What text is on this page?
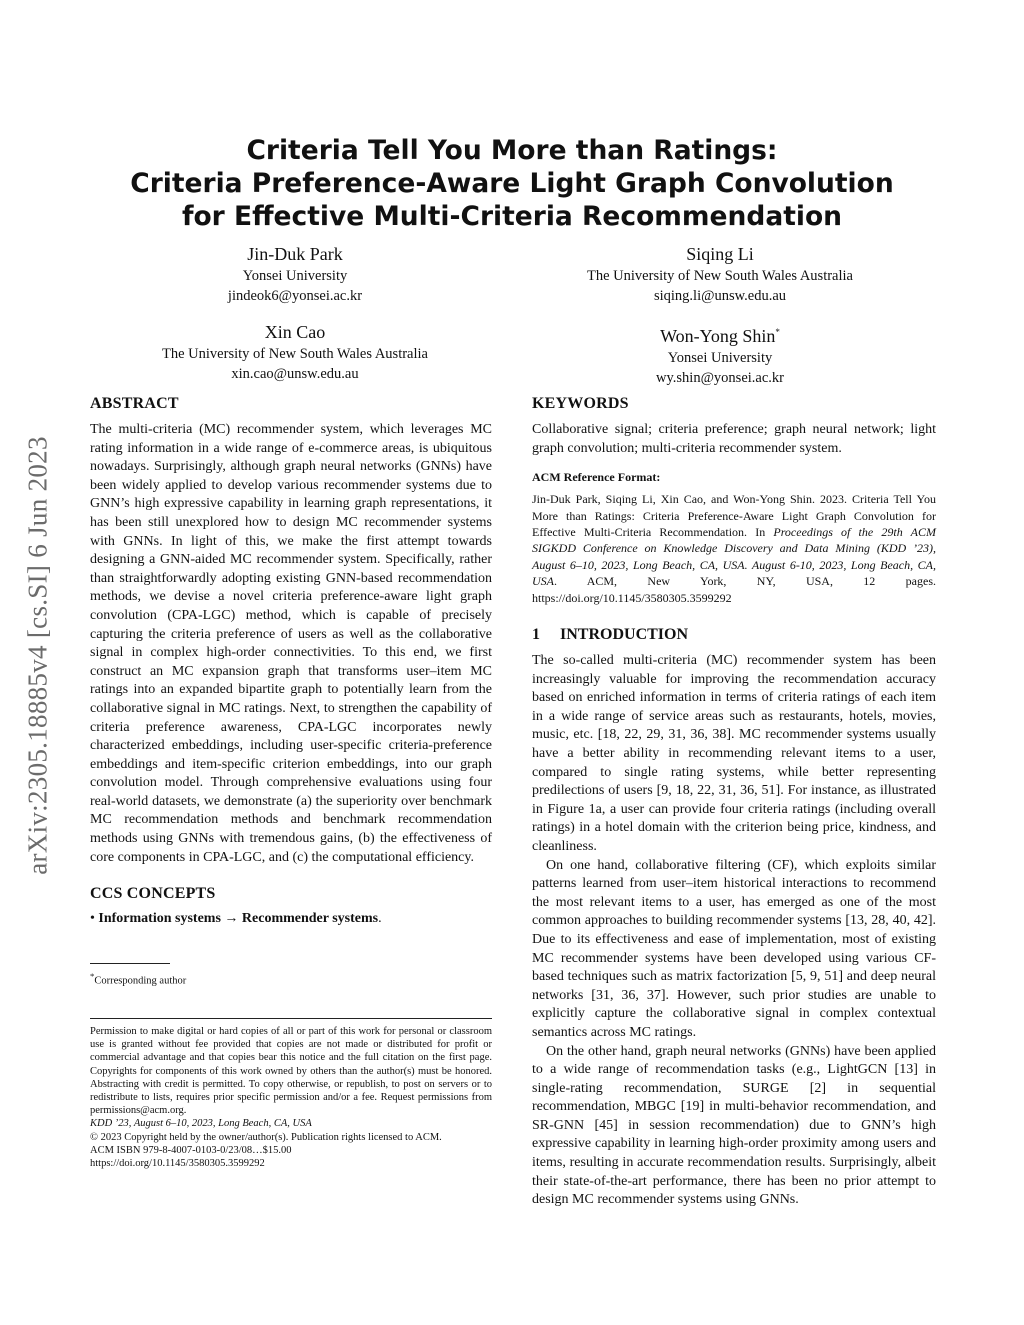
arXiv:2305.18885v4 [cs.SI] 6 Jun 2023
Criteria Tell You More than Ratings:
Criteria Preference-Aware Light Graph Convolution
for Effective Multi-Criteria Recommendation
Jin-Duk Park
Yonsei University
jindeok6@yonsei.ac.kr
Siqing Li
The University of New South Wales Australia
siqing.li@unsw.edu.au
Xin Cao
The University of New South Wales Australia
xin.cao@unsw.edu.au
Won-Yong Shin*
Yonsei University
wy.shin@yonsei.ac.kr
ABSTRACT

The multi-criteria (MC) recommender system, which leverages MC rating information in a wide range of e-commerce areas, is ubiquitous nowadays. Surprisingly, although graph neural networks (GNNs) have been widely applied to develop various recommender systems due to GNN’s high expressive capability in learning graph representations, it has been still unexplored how to design MC recommender systems with GNNs. In light of this, we make the first attempt towards designing a GNN-aided MC recommender system. Specifically, rather than straightforwardly adopting existing GNN-based recommendation methods, we devise a novel criteria preference-aware light graph convolution (CPA-LGC) method, which is capable of precisely capturing the criteria preference of users as well as the collaborative signal in complex high-order connectivities. To this end, we first construct an MC expansion graph that transforms user–item MC ratings into an expanded bipartite graph to potentially learn from the collaborative signal in MC ratings. Next, to strengthen the capability of criteria preference awareness, CPA-LGC incorporates newly characterized embeddings, including user-specific criteria-preference embeddings and item-specific criterion embeddings, into our graph convolution model. Through comprehensive evaluations using four real-world datasets, we demonstrate (a) the superiority over benchmark MC recommendation methods and benchmark recommendation methods using GNNs with tremendous gains, (b) the effectiveness of core components in CPA-LGC, and (c) the computational efficiency.

CCS CONCEPTS

• Information systems → Recommender systems.

*Corresponding author

Permission to make digital or hard copies of all or part of this work for personal or classroom use is granted without fee provided that copies are not made or distributed for profit or commercial advantage and that copies bear this notice and the full citation on the first page. Copyrights for components of this work owned by others than the author(s) must be honored. Abstracting with credit is permitted. To copy otherwise, or republish, to post on servers or to redistribute to lists, requires prior specific permission and/or a fee. Request permissions from permissions@acm.org.

KDD ’23, August 6–10, 2023, Long Beach, CA, USA

© 2023 Copyright held by the owner/author(s). Publication rights licensed to ACM.

ACM ISBN 979-8-4007-0103-0/23/08…$15.00

https://doi.org/10.1145/3580305.3599292

KEYWORDS

Collaborative signal; criteria preference; graph neural network; light graph convolution; multi-criteria recommender system.

ACM Reference Format:

Jin-Duk Park, Siqing Li, Xin Cao, and Won-Yong Shin. 2023. Criteria Tell You More than Ratings: Criteria Preference-Aware Light Graph Convolution for Effective Multi-Criteria Recommendation. In Proceedings of the 29th ACM SIGKDD Conference on Knowledge Discovery and Data Mining (KDD ’23), August 6–10, 2023, Long Beach, CA, USA. August 6-10, 2023, Long Beach, CA, USA. ACM, New York, NY, USA, 12 pages. https://doi.org/10.1145/3580305.3599292

1 INTRODUCTION

The so-called multi-criteria (MC) recommender system has been increasingly valuable for improving the recommendation accuracy based on enriched information in terms of criteria ratings of each item in a wide range of service areas such as restaurants, hotels, movies, music, etc. [18, 22, 29, 31, 36, 38]. MC recommender systems usually have a better ability in recommending relevant items to a user, compared to single rating systems, while better representing predilections of users [9, 18, 22, 31, 36, 51]. For instance, as illustrated in Figure 1a, a user can provide four criteria ratings (including overall ratings) in a hotel domain with the criterion being price, kindness, and cleanliness.

On one hand, collaborative filtering (CF), which exploits similar patterns learned from user–item historical interactions to recommend the most relevant items to a user, has emerged as one of the most common approaches to building recommender systems [13, 28, 40, 42]. Due to its effectiveness and ease of implementation, most of existing MC recommender systems have been developed using various CF-based techniques such as matrix factorization [5, 9, 51] and deep neural networks [31, 36, 37]. However, such prior studies are unable to explicitly capture the collaborative signal in complex contextual semantics across MC ratings.

On the other hand, graph neural networks (GNNs) have been applied to a wide range of recommendation tasks (e.g., LightGCN [13] in single-rating recommendation, SURGE [2] in sequential recommendation, MBGC [19] in multi-behavior recommendation, and SR-GNN [45] in session recommendation) due to GNN’s high expressive capability in learning high-order proximity among users and items, resulting in accurate recommendation results. Surprisingly, albeit their state-of-the-art performance, there has been no prior attempt to design MC recommender systems using GNNs.
